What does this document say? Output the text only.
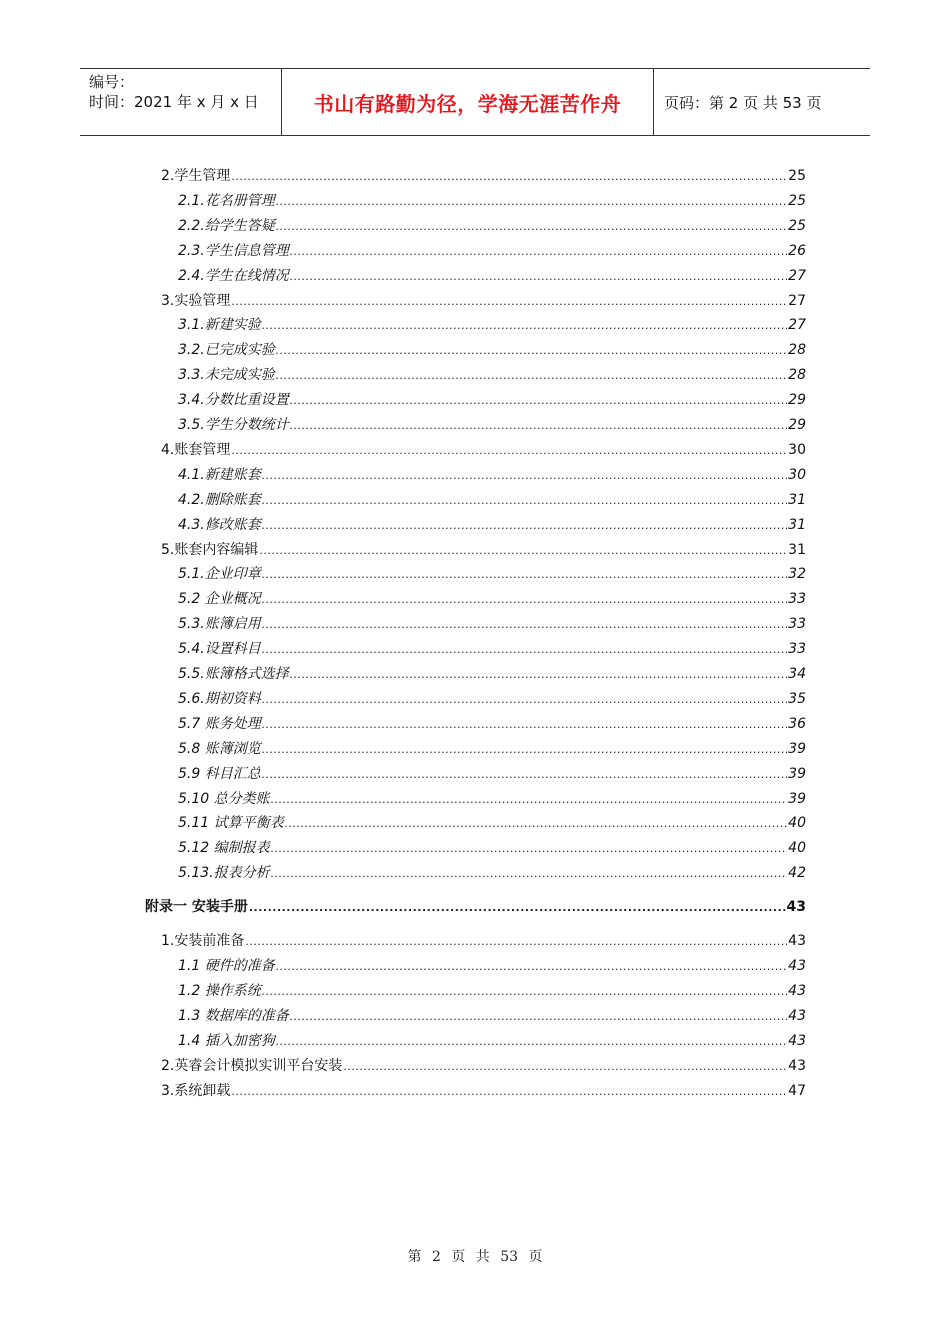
编号：
时间：2021 年 x 月 x 日	书山有路勤为径，学海无涯苦作舟	页码：第 2 页 共 53 页
2.学生管理 .....	25
2.1.花名册管理 .....	25
2.2.给学生答疑 .....	25
2.3.学生信息管理 .....	26
2.4.学生在线情况 .....	27
3.实验管理 .....	27
3.1.新建实验 .....	27
3.2.已完成实验 .....	28
3.3.未完成实验 .....	28
3.4.分数比重设置 .....	29
3.5.学生分数统计 .....	29
4.账套管理 .....	30
4.1.新建账套 .....	30
4.2.删除账套 .....	31
4.3.修改账套 .....	31
5.账套内容编辑 .....	31
5.1.企业印章 .....	32
5.2 企业概况 .....	33
5.3.账簿启用 .....	33
5.4.设置科目 .....	33
5.5.账簿格式选择 .....	34
5.6.期初资料 .....	35
5.7 账务处理 .....	36
5.8 账簿浏览 .....	39
5.9 科目汇总 .....	39
5.10 总分类账 .....	39
5.11 试算平衡表 .....	40
5.12 编制报表 .....	40
5.13.报表分析 .....	42
附录一 安装手册 .....	43
1.安装前准备 .....	43
1.1 硬件的准备 .....	43
1.2 操作系统 .....	43
1.3 数据库的准备 .....	43
1.4 插入加密狗 .....	43
2.英睿会计模拟实训平台安装 .....	43
3.系统卸载 .....	47
第 2 页 共 53 页
